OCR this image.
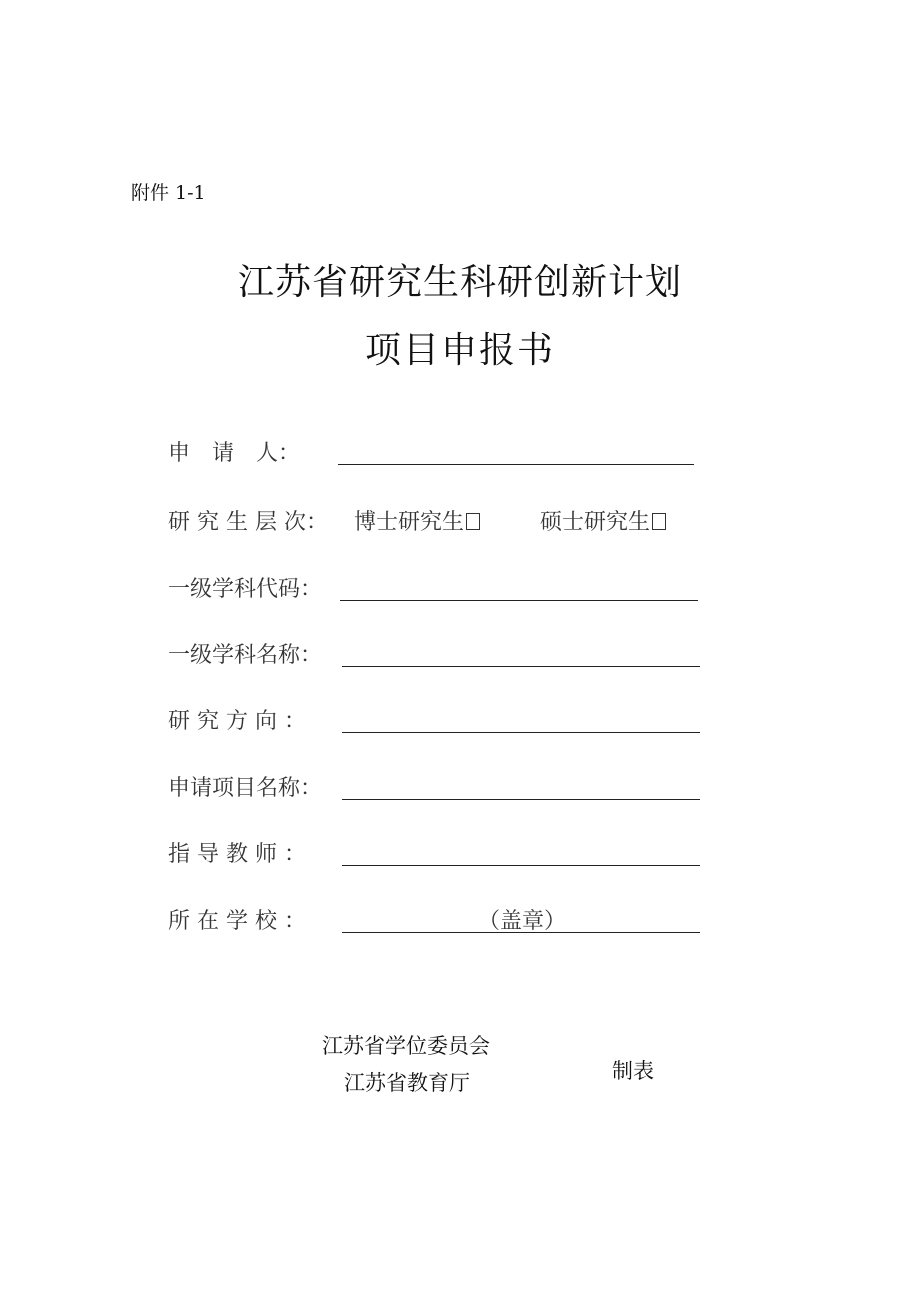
附件 1-1
江苏省研究生科研创新计划
项目申报书
申　请　人：
研 究 生 层 次： 博士研究生	硕士研究生
一级学科代码：
一级学科名称：
研 究 方 向 ：
申请项目名称：
指 导 教 师 ：
所 在 学 校 ：	（盖章）
江苏省学位委员会
江苏省教育厅	制表
